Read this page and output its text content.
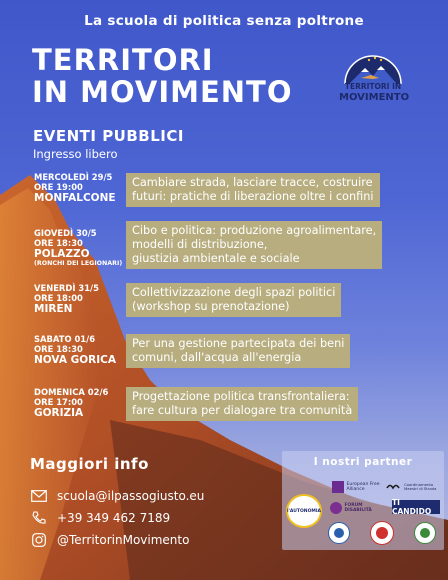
La scuola di politica senza poltrone
TERRITORI
IN MOVIMENTO	TERRITORI IN
MOVIMENTO
EVENTI PUBBLICI
Ingresso libero
MERCOLEDÌ 29/5
ORE 19:00
MONFALCONE
Cambiare strada, lasciare tracce, costruire
futuri: pratiche di liberazione oltre i confini
GIOVEDÌ 30/5
ORE 18:30
POLAZZO
(RONCHI DEI LEGIONARI)
Cibo e politica: produzione agroalimentare,
modelli di distribuzione,
giustizia ambientale e sociale
VENERDÌ 31/5
ORE 18:00
MIREN
Collettivizzazione degli spazi politici
(workshop su prenotazione)
SABATO 01/6
ORE 18:30
NOVA GORICA
Per una gestione partecipata dei beni
comuni, dall'acqua all'energia
DOMENICA 02/6
ORE 17:00
GORIZIA
Progettazione politica transfrontaliera:
fare cultura per dialogare tra comunità
Maggiori info
scuola@ilpassogiusto.eu
+39 349 462 7189
@TerritorinMovimento
I nostri partner
European Free Alliance
Coordinamento Maestri di Strada
FORUM
DISABILITÀ
TI CANDIDO
l'AUTONOMIA
